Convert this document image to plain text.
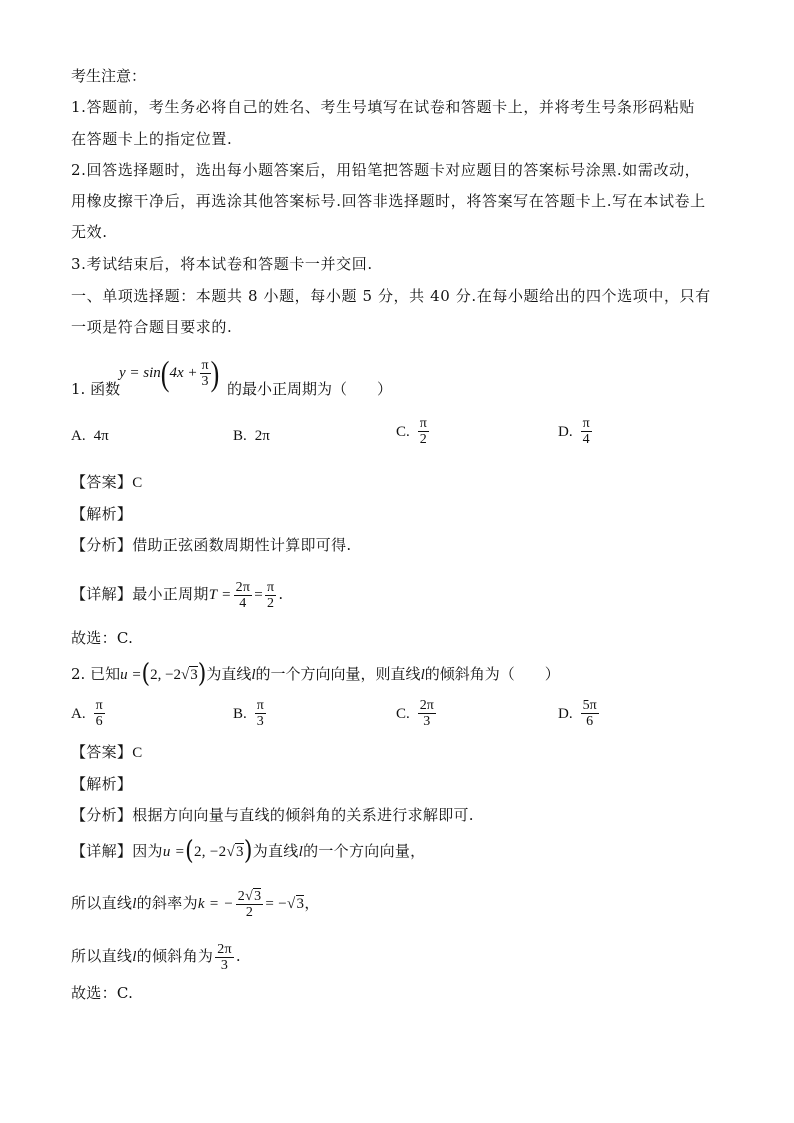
考生注意：
1.答题前，考生务必将自己的姓名、考生号填写在试卷和答题卡上，并将考生号条形码粘贴
在答题卡上的指定位置.
2.回答选择题时，选出每小题答案后，用铅笔把答题卡对应题目的答案标号涂黑.如需改动，
用橡皮擦干净后，再选涂其他答案标号.回答非选择题时，将答案写在答题卡上.写在本试卷上
无效.
3.考试结束后，将本试卷和答题卡一并交回.
一、单项选择题：本题共 8 小题，每小题 5 分，共 40 分.在每小题给出的四个选项中，只有
一项是符合题目要求的.
1. 函数
$y = \sin(4x + \frac{\pi}{3}$ ) 的最小正周期为（　　）
A. 4π	B. 2π	C. $\frac{\pi}{2}$	D. $\frac{\pi}{4}$
【答案】C
【解析】
【分析】借助正弦函数周期性计算即可得.
【详解】最小正周期$T = \frac{2\pi}{4} = \frac{\pi}{2}$ .
故选：C.
2. 已知u =(2, −2√3)为直线l的一个方向向量，则直线l的倾斜角为（　　）
A. $\frac{\pi}{6}$	B. $\frac{\pi}{3}$	C. $\frac{2\pi}{3}$	D. $\frac{5\pi}{6}$
【答案】C
【解析】
【分析】根据方向向量与直线的倾斜角的关系进行求解即可.
【详解】因为u =(2, −2√3)为直线l的一个方向向量，
所以直线l的斜率为k = − $\frac{2√3}{2} = -√3$，
所以直线l的倾斜角为 $\frac{2\pi}{3}$ .
故选：C.
